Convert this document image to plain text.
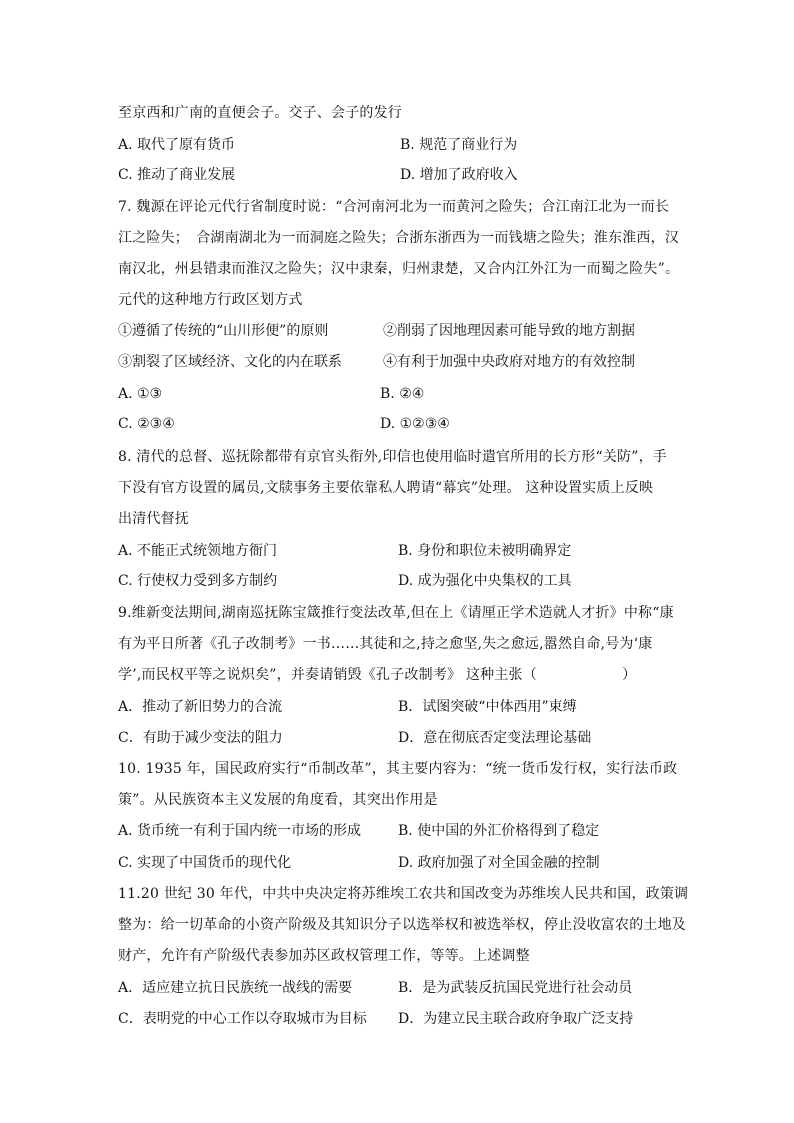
至京西和广南的直便会子。交子、会子的发行
A. 取代了原有货币	B. 规范了商业行为
C. 推动了商业发展	D. 增加了政府收入
7. 魏源在评论元代行省制度时说：“合河南河北为一而黄河之险失；合江南江北为一而长
江之险失；　合湖南湖北为一而洞庭之险失；合浙东浙西为一而钱塘之险失；淮东淮西，汉
南汉北，州县错隶而淮汉之险失；汉中隶秦，归州隶楚，又合内江外江为一而蜀之险失”。
元代的这种地方行政区划方式
①遵循了传统的“山川形便”的原则	②削弱了因地理因素可能导致的地方割据
③割裂了区域经济、文化的内在联系	④有利于加强中央政府对地方的有效控制
A. ①③	B. ②④
C. ②③④	D. ①②③④
8. 清代的总督、巡抚除都带有京官头衔外,印信也使用临时遣官所用的长方形“关防”，手
下没有官方设置的属员,文牍事务主要依靠私人聘请“幕宾”处理。 这种设置实质上反映
出清代督抚
A. 不能正式统领地方衙门	B. 身份和职位未被明确界定
C. 行使权力受到多方制约	D. 成为强化中央集权的工具
9.维新变法期间,湖南巡抚陈宝箴推行变法改革,但在上《请厘正学术造就人才折》中称“康
有为平日所著《孔子改制考》一书……其徒和之,持之愈坚,失之愈远,嚣然自命,号为‘康
学’,而民权平等之说炽矣”，并奏请销毁《孔子改制考》 这种主张（　　　　　　）
A．推动了新旧势力的合流	B．试图突破“中体西用”束缚
C．有助于减少变法的阻力	D．意在彻底否定变法理论基础
10. 1935 年，国民政府实行“币制改革”，其主要内容为：“统一货币发行权，实行法币政
策”。从民族资本主义发展的角度看，其突出作用是
A. 货币统一有利于国内统一市场的形成	B. 使中国的外汇价格得到了稳定
C. 实现了中国货币的现代化	D. 政府加强了对全国金融的控制
11.20 世纪 30 年代，中共中央决定将苏维埃工农共和国改变为苏维埃人民共和国，政策调
整为：给一切革命的小资产阶级及其知识分子以选举权和被选举权，停止没收富农的土地及
财产，允许有产阶级代表参加苏区政权管理工作，等等。上述调整
A．适应建立抗日民族统一战线的需要	B．是为武装反抗国民党进行社会动员
C．表明党的中心工作以夺取城市为目标 D．为建立民主联合政府争取广泛支持
